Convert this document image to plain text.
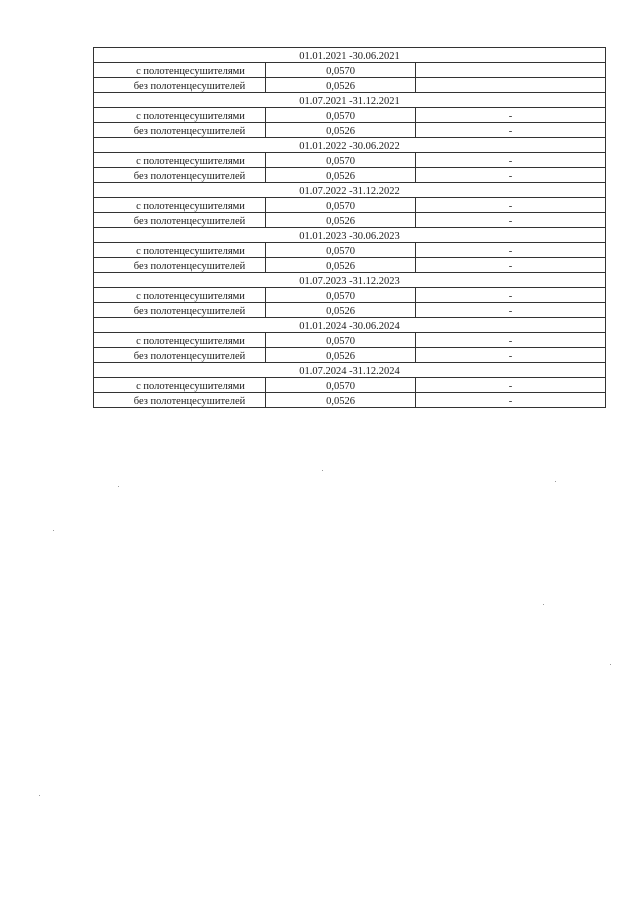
01.01.2021 -30.06.2021		
с полотенцесушителями	0,0570	
без полотенцесушителей	0,0526	
01.07.2021 -31.12.2021		
с полотенцесушителями	0,0570	-
без полотенцесушителей	0,0526	-
01.01.2022 -30.06.2022		
с полотенцесушителями	0,0570	-
без полотенцесушителей	0,0526	-
01.07.2022 -31.12.2022		
с полотенцесушителями	0,0570	-
без полотенцесушителей	0,0526	-
01.01.2023 -30.06.2023		
с полотенцесушителями	0,0570	-
без полотенцесушителей	0,0526	-
01.07.2023 -31.12.2023		
с полотенцесушителями	0,0570	-
без полотенцесушителей	0,0526	-
01.01.2024 -30.06.2024		
с полотенцесушителями	0,0570	-
без полотенцесушителей	0,0526	-
01.07.2024 -31.12.2024		
с полотенцесушителями	0,0570	-
без полотенцесушителей	0,0526	-
